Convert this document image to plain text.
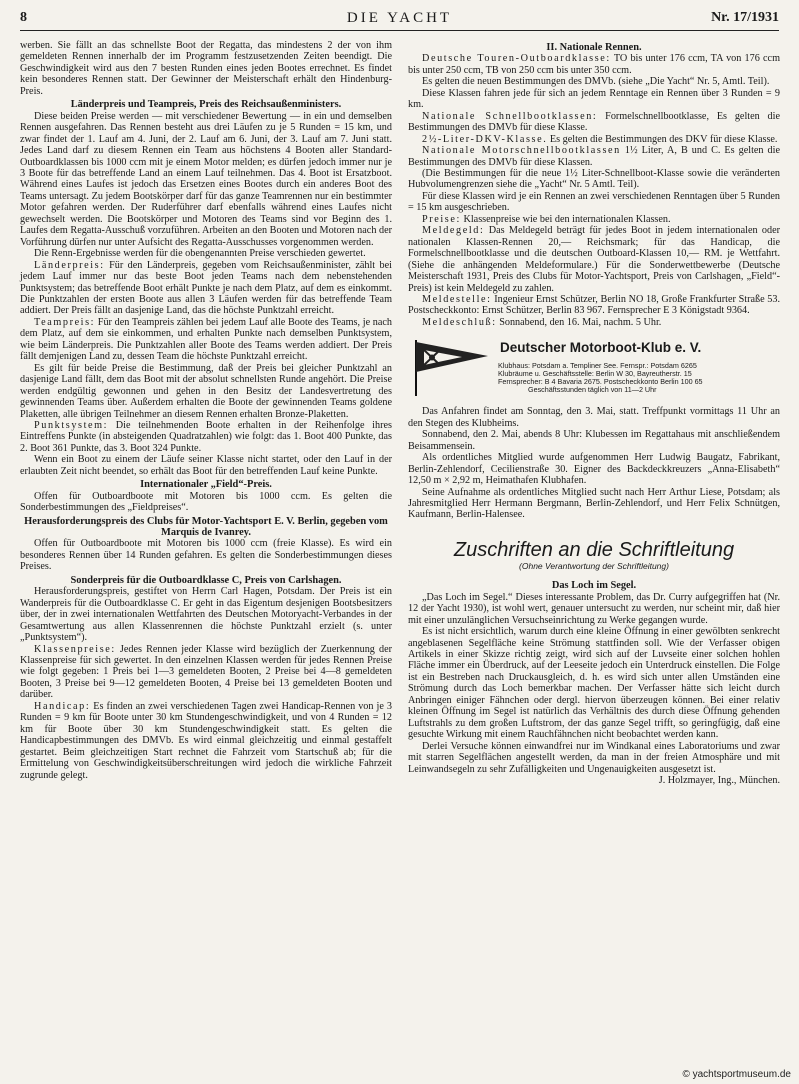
8	DIE YACHT	Nr. 17/1931

werben. Sie fällt an das schnellste Boot der Regatta, das mindestens 2 der von ihm gemeldeten Rennen innerhalb der im Programm festzusetzenden Zeiten beendigt. Die Geschwindigkeit wird aus den 7 besten Runden eines jeden Bootes errechnet. Es findet kein besonderes Rennen statt. Der Gewinner der Meisterschaft erhält den Hindenburg-Preis.

Länderpreis und Teampreis, Preis des Reichsaußenministers.

Diese beiden Preise werden — mit verschiedener Bewertung — in ein und demselben Rennen ausgefahren. Das Rennen besteht aus drei Läufen zu je 5 Runden = 15 km, und zwar findet der 1. Lauf am 4. Juni, der 2. Lauf am 6. Juni, der 3. Lauf am 7. Juni statt. Jedes Land darf zu diesem Rennen ein Team aus höchstens 4 Booten aller Standard-Outboardklassen bis 1000 ccm mit je einem Motor melden; es dürfen jedoch immer nur je 3 Boote für das betreffende Land an einem Lauf teilnehmen. Das 4. Boot ist Ersatzboot. Während eines Laufes ist jedoch das Ersetzen eines Bootes durch ein anderes Boot des Teams untersagt. Zu jedem Bootskörper darf für das ganze Teamrennen nur ein bestimmter Motor gefahren werden. Der Ruderführer darf ebenfalls während eines Laufes nicht gewechselt werden. Die Bootskörper und Motoren des Teams sind vor Beginn des 1. Laufes dem Regatta-Ausschuß vorzuführen. Arbeiten an den Booten und Motoren nach der Vorführung dürfen nur unter Aufsicht des Regatta-Ausschusses vorgenommen werden.

Die Renn-Ergebnisse werden für die obengenannten Preise verschieden gewertet.

Länderpreis: Für den Länderpreis, gegeben vom Reichsaußenminister, zählt bei jedem Lauf immer nur das beste Boot jeden Teams nach dem nebenstehenden Punktsystem; das betreffende Boot erhält Punkte je nach dem Platz, auf dem es einkommt. Die Punktzahlen der ersten Boote aus allen 3 Läufen werden für das betreffende Team addiert. Der Preis fällt an dasjenige Land, das die höchste Punktzahl erreicht.

Teampreis: Für den Teampreis zählen bei jedem Lauf alle Boote des Teams, je nach dem Platz, auf dem sie einkommen, und erhalten Punkte nach demselben Punktsystem, wie beim Länderpreis. Die Punktzahlen aller Boote des Teams werden addiert. Der Preis fällt demjenigen Land zu, dessen Team die höchste Punktzahl erreicht.

Es gilt für beide Preise die Bestimmung, daß der Preis bei gleicher Punktzahl an dasjenige Land fällt, dem das Boot mit der absolut schnellsten Runde angehört. Die Preise werden endgültig gewonnen und gehen in den Besitz der Landesvertretung des gewinnenden Teams über. Außerdem erhalten die Boote der gewinnenden Teams goldene Plaketten, alle übrigen Teilnehmer an diesem Rennen erhalten Bronze-Plaketten.

Punktsystem: Die teilnehmenden Boote erhalten in der Reihenfolge ihres Eintreffens Punkte (in absteigenden Quadratzahlen) wie folgt: das 1. Boot 400 Punkte, das 2. Boot 361 Punkte, das 3. Boot 324 Punkte.

Wenn ein Boot zu einem der Läufe seiner Klasse nicht startet, oder den Lauf in der erlaubten Zeit nicht beendet, so erhält das Boot für den betreffenden Lauf keine Punkte.

Internationaler „Field“-Preis.

Offen für Outboardboote mit Motoren bis 1000 ccm. Es gelten die Sonderbestimmungen des „Fieldpreises“.

Herausforderungspreis des Clubs für Motor-Yachtsport E. V. Berlin, gegeben vom Marquis de Ivanrey.

Offen für Outboardboote mit Motoren bis 1000 ccm (freie Klasse). Es wird ein besonderes Rennen über 14 Runden gefahren. Es gelten die Sonderbestimmungen dieses Preises.

Sonderpreis für die Outboardklasse C, Preis von Carlshagen.

Herausforderungspreis, gestiftet von Herrn Carl Hagen, Potsdam. Der Preis ist ein Wanderpreis für die Outboardklasse C. Er geht in das Eigentum desjenigen Bootsbesitzers über, der in zwei internationalen Wettfahrten des Deutschen Motoryacht-Verbandes in der Gesamtwertung aus allen Klassenrennen die höchste Punktzahl erzielt (s. unter „Punktsystem“).

Klassenpreise: Jedes Rennen jeder Klasse wird bezüglich der Zuerkennung der Klassenpreise für sich gewertet. In den einzelnen Klassen werden für jedes Rennen Preise wie folgt gegeben: 1 Preis bei 1—3 gemeldeten Booten, 2 Preise bei 4—8 gemeldeten Booten, 3 Preise bei 9—12 gemeldeten Booten, 4 Preise bei 13 gemeldeten Booten und darüber.

Handicap: Es finden an zwei verschiedenen Tagen zwei Handicap-Rennen von je 3 Runden = 9 km für Boote unter 30 km Stundengeschwindigkeit, und von 4 Runden = 12 km für Boote über 30 km Stundengeschwindigkeit statt. Es gelten die Handicapbestimmungen des DMVb. Es wird einmal gleichzeitig und einmal gestaffelt gestartet. Beim gleichzeitigen Start rechnet die Fahrzeit vom Startschuß ab; für die Ermittelung von Geschwindigkeitsüberschreitungen wird jedoch die wirkliche Fahrzeit zugrunde gelegt.

II. Nationale Rennen.

Deutsche Touren-Outboardklasse: TO bis unter 176 ccm, TA von 176 ccm bis unter 250 ccm, TB von 250 ccm bis unter 350 ccm.

Es gelten die neuen Bestimmungen des DMVb. (siehe „Die Yacht“ Nr. 5, Amtl. Teil).

Diese Klassen fahren jede für sich an jedem Renntage ein Rennen über 3 Runden = 9 km.

Nationale Schnellbootklassen: Formelschnellbootklasse, Es gelten die Bestimmungen des DMVb für diese Klasse.

2½-Liter-DKV-Klasse. Es gelten die Bestimmungen des DKV für diese Klasse.

Nationale Motorschnellbootklassen 1½ Liter, A, B und C. Es gelten die Bestimmungen des DMVb für diese Klassen.

(Die Bestimmungen für die neue 1½ Liter-Schnellboot-Klasse sowie die veränderten Hubvolumengrenzen siehe die „Yacht“ Nr. 5 Amtl. Teil).

Für diese Klassen wird je ein Rennen an zwei verschiedenen Renntagen über 5 Runden = 15 km ausgeschrieben.

Preise: Klassenpreise wie bei den internationalen Klassen.

Meldegeld: Das Meldegeld beträgt für jedes Boot in jedem internationalen oder nationalen Klassen-Rennen 20,— Reichsmark; für das Handicap, die Formelschnellbootklasse und die deutschen Outboard-Klassen 10,— RM. je Wettfahrt. (Siehe die anhängenden Meldeformulare.) Für die Sonderwettbewerbe (Deutsche Meisterschaft 1931, Preis des Clubs für Motor-Yachtsport, Preis von Carlshagen, „Field“-Preis) ist kein Meldegeld zu zahlen.

Meldestelle: Ingenieur Ernst Schützer, Berlin NO 18, Große Frankfurter Straße 53. Postscheckkonto: Ernst Schützer, Berlin 83 967. Fernsprecher E 3 Königstadt 9364.

Meldeschluß: Sonnabend, den 16. Mai, nachm. 5 Uhr.

Deutscher Motorboot-Klub e. V.
Klubhaus: Potsdam a. Templiner See. Fernspr.: Potsdam 6265
Klubräume u. Geschäftsstelle: Berlin W 30, Bayreutherstr. 15
Fernsprecher: B 4 Bavaria 2675. Postscheckkonto Berlin 100 65
Geschäftsstunden täglich von 11—2 Uhr

Das Anfahren findet am Sonntag, den 3. Mai, statt. Treffpunkt vormittags 11 Uhr an den Stegen des Klubheims.

Sonnabend, den 2. Mai, abends 8 Uhr: Klubessen im Regattahaus mit anschließendem Beisammensein.

Als ordentliches Mitglied wurde aufgenommen Herr Ludwig Baugatz, Fabrikant, Berlin-Zehlendorf, Cecilienstraße 30. Eigner des Backdeckkreuzers „Anna-Elisabeth“ 12,50 m × 2,92 m, Heimathafen Klubhafen.

Seine Aufnahme als ordentliches Mitglied sucht nach Herr Arthur Liese, Potsdam; als Jahresmitglied Herr Hermann Bergmann, Berlin-Zehlendorf, und Herr Felix Schnütgen, Kaufmann, Berlin-Halensee.

Zuschriften an die Schriftleitung
(Ohne Verantwortung der Schriftleitung)
Das Loch im Segel.

„Das Loch im Segel.“ Dieses interessante Problem, das Dr. Curry aufgegriffen hat (Nr. 12 der Yacht 1930), ist wohl wert, genauer untersucht zu werden, nur scheint mir, daß hier mit einer unzulänglichen Versuchseinrichtung zu Werke gegangen wurde.

Es ist nicht ersichtlich, warum durch eine kleine Öffnung in einer gewölbten senkrecht angeblasenen Segelfläche keine Strömung stattfinden soll. Wie der Verfasser obigen Artikels in einer Skizze richtig zeigt, wird sich auf der Luvseite einer solchen hohlen Fläche immer ein Überdruck, auf der Leeseite jedoch ein Unterdruck einstellen. Die Folge ist ein Bestreben nach Druckausgleich, d. h. es wird sich unter allen Umständen eine Strömung durch das Loch bemerkbar machen. Der Verfasser hätte sich leicht durch Anbringen einiger Fähnchen oder dergl. hiervon überzeugen können. Bei einer relativ kleinen Öffnung im Segel ist natürlich das Verhältnis des durch diese Öffnung gehenden Luftstrahls zu dem großen Luftstrom, der das ganze Segel trifft, so geringfügig, daß eine gesuchte Wirkung mit einem Rauchfähnchen nicht beobachtet werden kann.

Derlei Versuche können einwandfrei nur im Windkanal eines Laboratoriums und zwar mit starren Segelflächen angestellt werden, da man in der freien Atmosphäre und mit Leinwandsegeln zu sehr Zufälligkeiten und Ungenauigkeiten ausgesetzt ist.

J. Holzmayer, Ing., München.
© yachtsportmuseum.de
